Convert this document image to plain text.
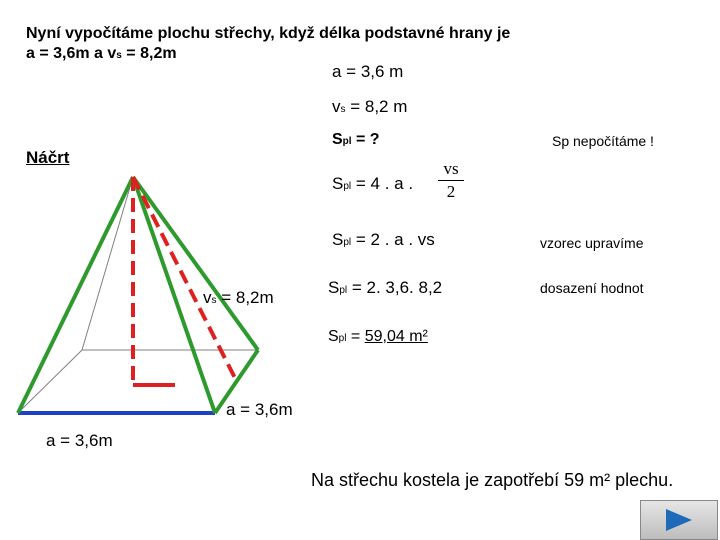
Nyní vypočítáme plochu střechy, když délka podstavné hrany je
a = 3,6m a vs = 8,2m
a = 3,6 m
vs = 8,2 m
Spl = ?	Sp nepočítáme !
Náčrt
Spl = 4 . a .
vs
2
Spl = 2 . a . vs	vzorec upravíme
Spl = 2. 3,6. 8,2	dosazení hodnot
Spl = 59,04 m²
vs = 8,2m
a = 3,6m
a = 3,6m
Na střechu kostela je zapotřebí 59 m² plechu.
